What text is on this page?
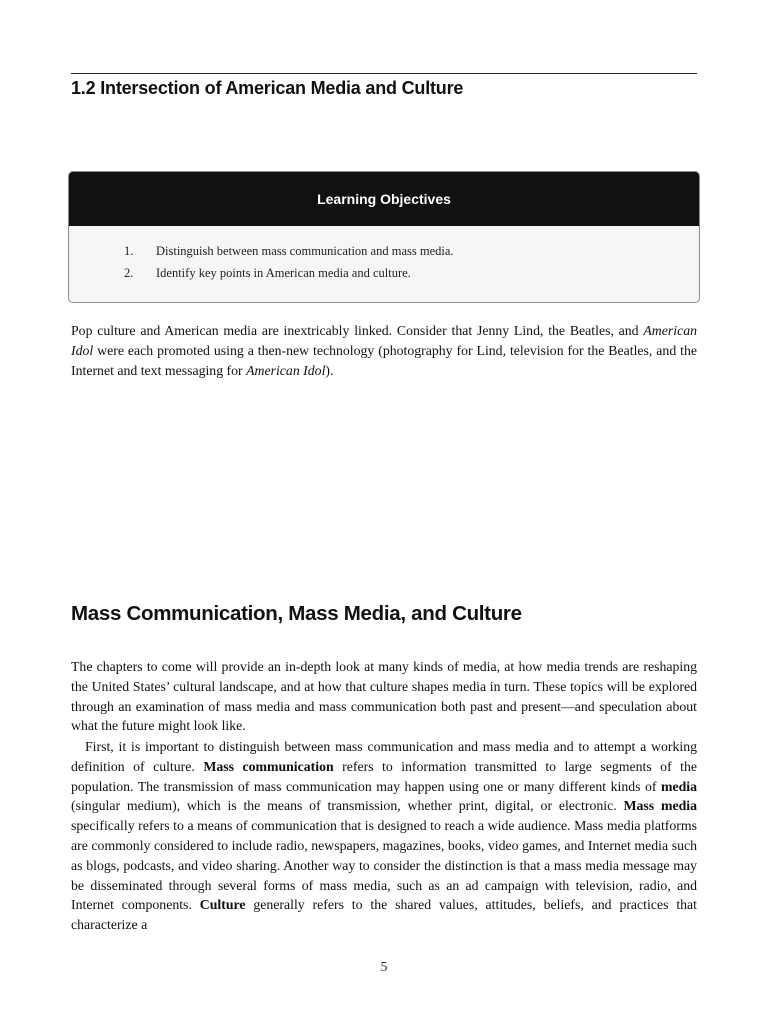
1.2 Intersection of American Media and Culture
Learning Objectives
1. Distinguish between mass communication and mass media.
2. Identify key points in American media and culture.

Pop culture and American media are inextricably linked. Consider that Jenny Lind, the Beatles, and American Idol were each promoted using a then-new technology (photography for Lind, television for the Beatles, and the Internet and text messaging for American Idol).

Mass Communication, Mass Media, and Culture

The chapters to come will provide an in-depth look at many kinds of media, at how media trends are reshaping the United States’ cultural landscape, and at how that culture shapes media in turn. These topics will be explored through an examination of mass media and mass communication both past and present—and speculation about what the future might look like.

First, it is important to distinguish between mass communication and mass media and to attempt a working definition of culture. Mass communication refers to information transmitted to large segments of the population. The transmission of mass communication may happen using one or many different kinds of media (singular medium), which is the means of transmission, whether print, digital, or electronic. Mass media specifically refers to a means of communication that is designed to reach a wide audience. Mass media platforms are commonly considered to include radio, newspapers, magazines, books, video games, and Internet media such as blogs, podcasts, and video sharing. Another way to consider the distinction is that a mass media message may be disseminated through several forms of mass media, such as an ad campaign with television, radio, and Internet components. Culture generally refers to the shared values, attitudes, beliefs, and practices that characterize a

5
